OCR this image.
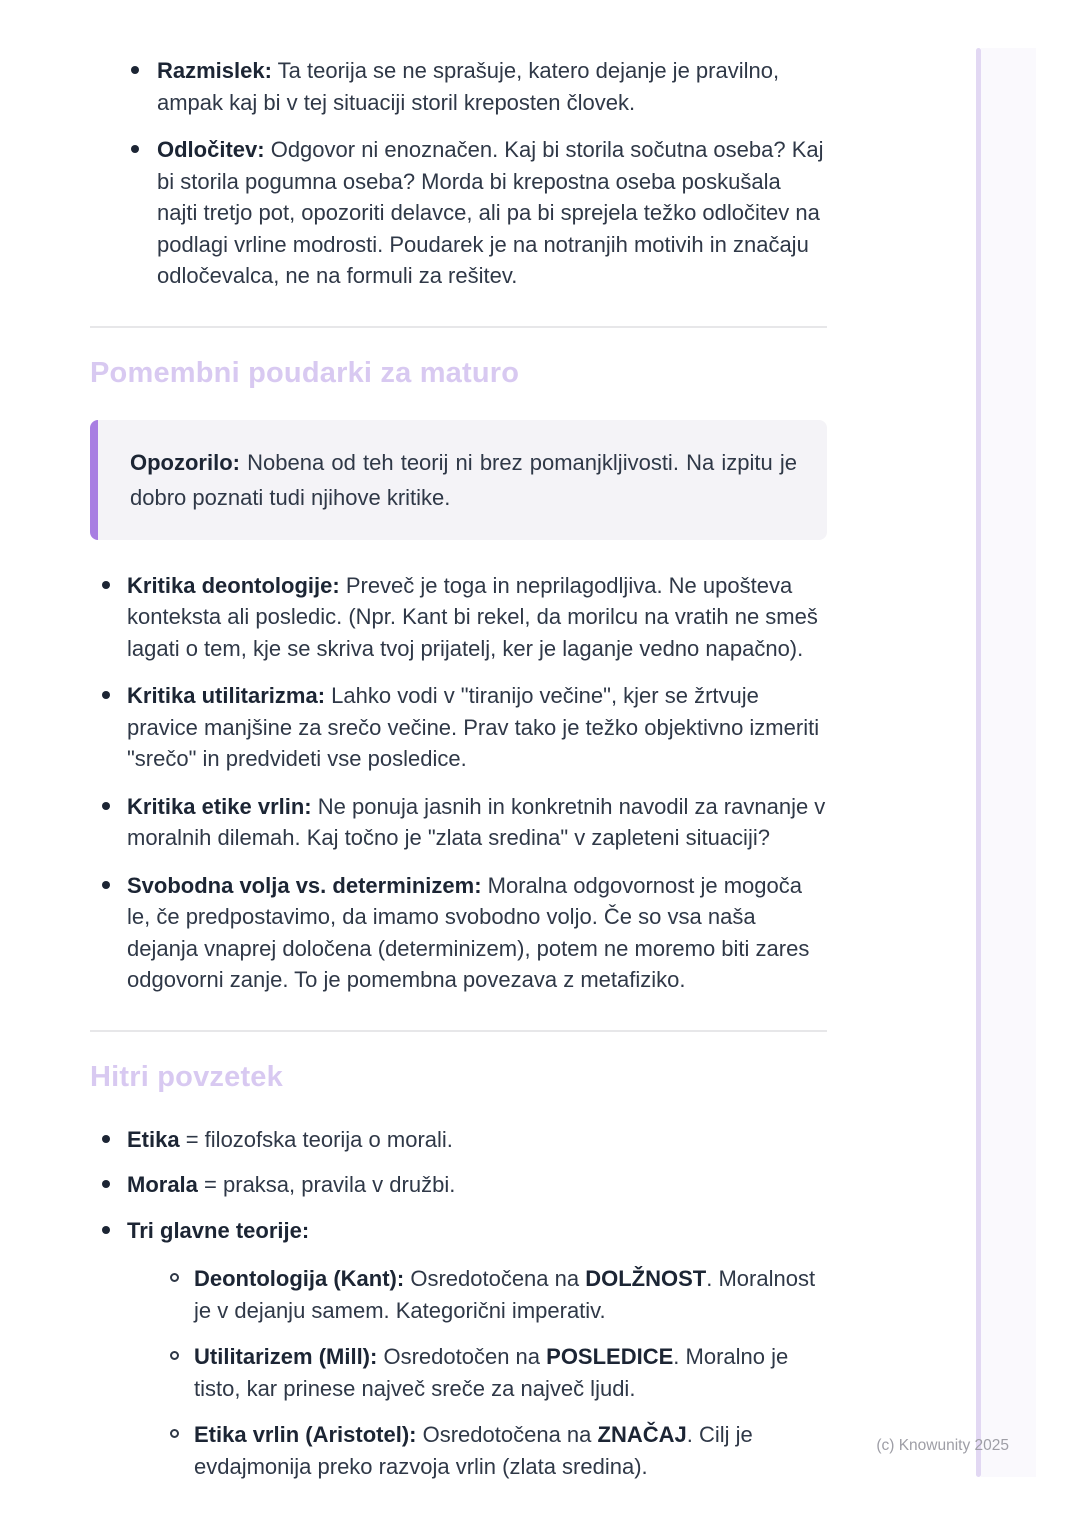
Razmislek: Ta teorija se ne sprašuje, katero dejanje je pravilno, ampak kaj bi v tej situaciji storil kreposten človek.
Odločitev: Odgovor ni enoznačen. Kaj bi storila sočutna oseba? Kaj bi storila pogumna oseba? Morda bi krepostna oseba poskušala najti tretjo pot, opozoriti delavce, ali pa bi sprejela težko odločitev na podlagi vrline modrosti. Poudarek je na notranjih motivih in značaju odločevalca, ne na formuli za rešitev.
Pomembni poudarki za maturo
Opozorilo: Nobena od teh teorij ni brez pomanjkljivosti. Na izpitu je dobro poznati tudi njihove kritike.
Kritika deontologije: Preveč je toga in neprilagodljiva. Ne upošteva konteksta ali posledic. (Npr. Kant bi rekel, da morilcu na vratih ne smeš lagati o tem, kje se skriva tvoj prijatelj, ker je laganje vedno napačno).
Kritika utilitarizma: Lahko vodi v "tiranijo večine", kjer se žrtvuje pravice manjšine za srečo večine. Prav tako je težko objektivno izmeriti "srečo" in predvideti vse posledice.
Kritika etike vrlin: Ne ponuja jasnih in konkretnih navodil za ravnanje v moralnih dilemah. Kaj točno je "zlata sredina" v zapleteni situaciji?
Svobodna volja vs. determinizem: Moralna odgovornost je mogoča le, če predpostavimo, da imamo svobodno voljo. Če so vsa naša dejanja vnaprej določena (determinizem), potem ne moremo biti zares odgovorni zanje. To je pomembna povezava z metafiziko.
Hitri povzetek
Etika = filozofska teorija o morali.
Morala = praksa, pravila v družbi.
Tri glavne teorije:
Deontologija (Kant): Osredotočena na DOLŽNOST. Moralnost je v dejanju samem. Kategorični imperativ.
Utilitarizem (Mill): Osredotočen na POSLEDICE. Moralno je tisto, kar prinese največ sreče za največ ljudi.
Etika vrlin (Aristotel): Osredotočena na ZNAČAJ. Cilj je evdajmonija preko razvoja vrlin (zlata sredina).
(c) Knowunity 2025
